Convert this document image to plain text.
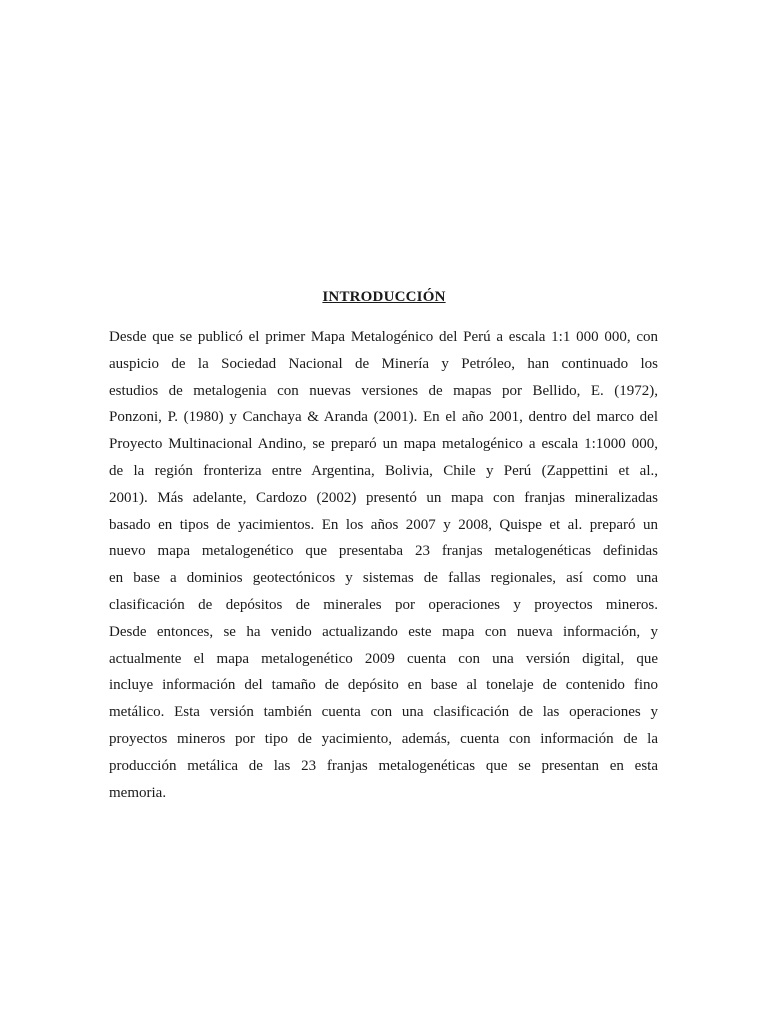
INTRODUCCIÓN
Desde que se publicó el primer Mapa Metalogénico del Perú a escala 1:1 000 000, con
auspicio de la Sociedad Nacional de Minería y Petróleo, han continuado los
estudios de metalogenia con nuevas versiones de mapas por Bellido, E. (1972),
Ponzoni, P. (1980) y Canchaya & Aranda (2001). En el año 2001, dentro del marco del
Proyecto Multinacional Andino, se preparó un mapa metalogénico a escala 1:1000 000,
de la región fronteriza entre Argentina, Bolivia, Chile y Perú (Zappettini et al.,
2001). Más adelante, Cardozo (2002) presentó un mapa con franjas mineralizadas
basado en tipos de yacimientos. En los años 2007 y 2008, Quispe et al. preparó un
nuevo mapa metalogenético que presentaba 23 franjas metalogenéticas definidas
en base a dominios geotectónicos y sistemas de fallas regionales, así como una
clasificación de depósitos de minerales por operaciones y proyectos mineros.
Desde entonces, se ha venido actualizando este mapa con nueva información, y
actualmente el mapa metalogenético 2009 cuenta con una versión digital, que
incluye información del tamaño de depósito en base al tonelaje de contenido fino
metálico. Esta versión también cuenta con una clasificación de las operaciones y
proyectos mineros por tipo de yacimiento, además, cuenta con información de la
producción metálica de las 23 franjas metalogenéticas que se presentan en esta
memoria.
